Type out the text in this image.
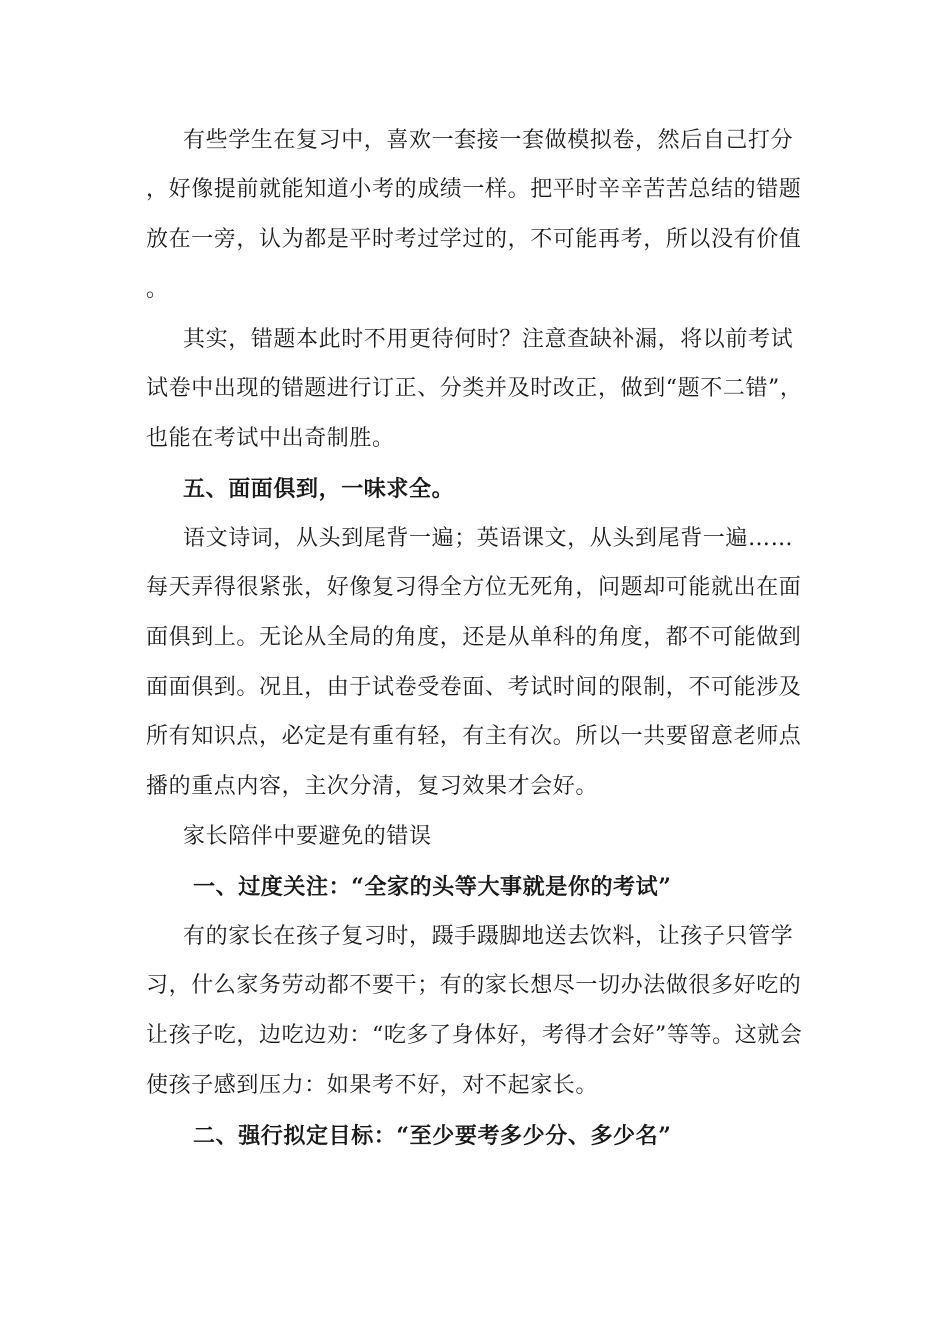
有些学生在复习中，喜欢一套接一套做模拟卷，然后自己打分
，好像提前就能知道小考的成绩一样。把平时辛辛苦苦总结的错题
放在一旁，认为都是平时考过学过的，不可能再考，所以没有价值
。
其实，错题本此时不用更待何时？注意查缺补漏，将以前考试
试卷中出现的错题进行订正、分类并及时改正，做到“题不二错”，
也能在考试中出奇制胜。
五、面面俱到，一味求全。
语文诗词，从头到尾背一遍；英语课文，从头到尾背一遍……
每天弄得很紧张，好像复习得全方位无死角，问题却可能就出在面
面俱到上。无论从全局的角度，还是从单科的角度，都不可能做到
面面俱到。况且，由于试卷受卷面、考试时间的限制，不可能涉及
所有知识点，必定是有重有轻，有主有次。所以一共要留意老师点
播的重点内容，主次分清，复习效果才会好。
家长陪伴中要避免的错误
一、过度关注：“全家的头等大事就是你的考试”
有的家长在孩子复习时，蹑手蹑脚地送去饮料，让孩子只管学
习，什么家务劳动都不要干；有的家长想尽一切办法做很多好吃的
让孩子吃，边吃边劝：“吃多了身体好，考得才会好”等等。这就会
使孩子感到压力：如果考不好，对不起家长。
二、强行拟定目标：“至少要考多少分、多少名”
